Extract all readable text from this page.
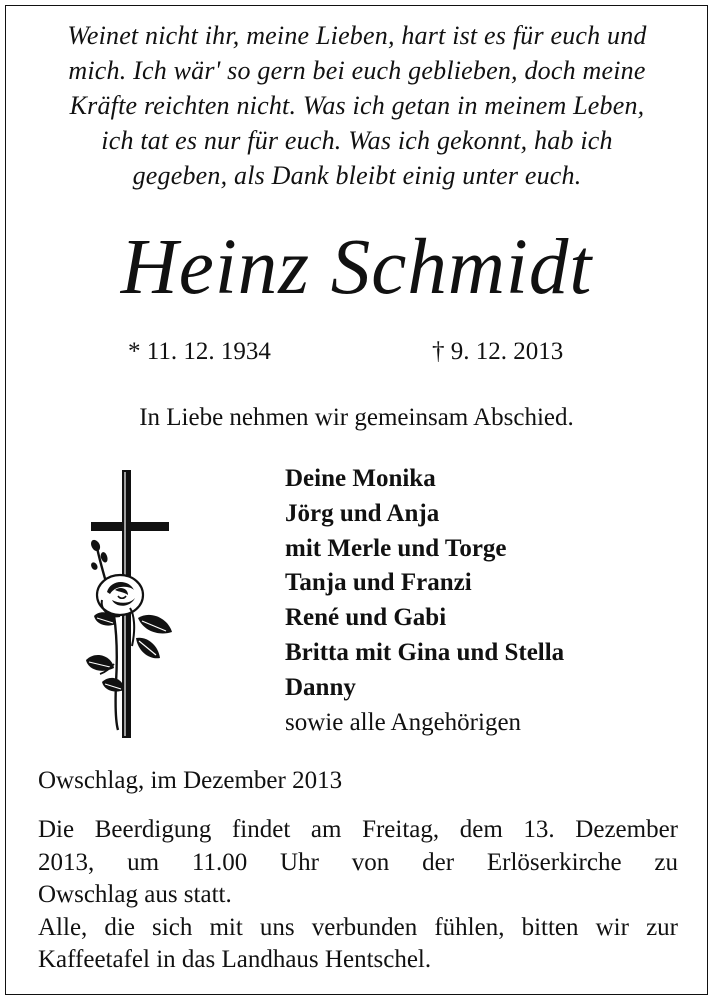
Weinet nicht ihr, meine Lieben, hart ist es für euch und
mich. Ich wär' so gern bei euch geblieben, doch meine
Kräfte reichten nicht. Was ich getan in meinem Leben,
ich tat es nur für euch. Was ich gekonnt, hab ich
gegeben, als Dank bleibt einig unter euch.
Heinz Schmidt
* 11. 12. 1934	† 9. 12. 2013
In Liebe nehmen wir gemeinsam Abschied.
Deine Monika
Jörg und Anja
mit Merle und Torge
Tanja und Franzi
René und Gabi
Britta mit Gina und Stella
Danny
sowie alle Angehörigen
Owschlag, im Dezember 2013
Die Beerdigung findet am Freitag, dem 13. Dezember
2013, um 11.00 Uhr von der Erlöserkirche zu
Owschlag aus statt.
Alle, die sich mit uns verbunden fühlen, bitten wir zur
Kaffeetafel in das Landhaus Hentschel.
